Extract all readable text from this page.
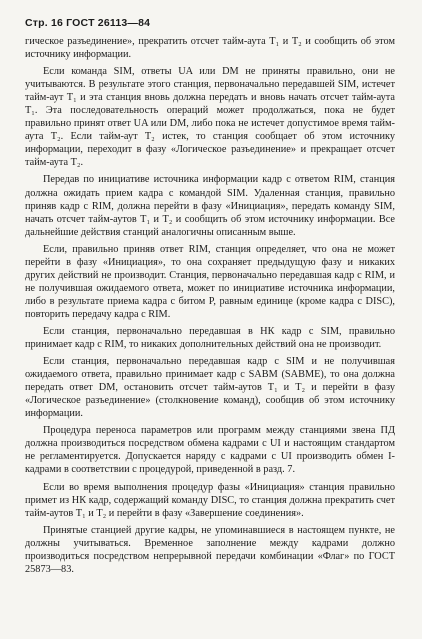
Стр. 16 ГОСТ 26113—84

гическое разъединение», прекратить отсчет тайм-аута T₁ и T₂ и сообщить об этом источнику информации.

Если команда SIM, ответы UA или DM не приняты правильно, они не учитываются. В результате этого станция, первоначально передавшей SIM, истечет тайм-аут T₁ и эта станция вновь должна передать и вновь начать отсчет тайм-аута T₁. Эта последовательность операций может продолжаться, пока не будет правильно принят ответ UA или DM, либо пока не истечет допустимое время тайм-аута T₂. Если тайм-аут T₂ истек, то станция сообщает об этом источнику информации, переходит в фазу «Логическое разъединение» и прекращает отсчет тайм-аута T₂.

Передав по инициативе источника информации кадр с ответом RIM, станция должна ожидать прием кадра с командой SIM. Удаленная станция, правильно приняв кадр с RIM, должна перейти в фазу «Инициация», передать команду SIM, начать отсчет тайм-аутов T₁ и T₂ и сообщить об этом источнику информации. Все дальнейшие действия станций аналогичны описанным выше.

Если, правильно приняв ответ RIM, станция определяет, что она не может перейти в фазу «Инициация», то она сохраняет предыдущую фазу и никаких других действий не производит. Станция, первоначально передавшая кадр с RIM, и не получившая ожидаемого ответа, может по инициативе источника информации, либо в результате приема кадра с битом P, равным единице (кроме кадра с DISC), повторить передачу кадра с RIM.

Если станция, первоначально передавшая в НК кадр с SIM, правильно принимает кадр с RIM, то никаких дополнительных действий она не производит.

Если станция, первоначально передавшая кадр с SIM и не получившая ожидаемого ответа, правильно принимает кадр с SABM (SABME), то она должна передать ответ DM, остановить отсчет тайм-аутов T₁ и T₂ и перейти в фазу «Логическое разъединение» (столкновение команд), сообщив об этом источнику информации.

Процедура переноса параметров или программ между станциями звена ПД должна производиться посредством обмена кадрами с UI и настоящим стандартом не регламентируется. Допускается наряду с кадрами с UI производить обмен I-кадрами в соответствии с процедурой, приведенной в разд. 7.

Если во время выполнения процедур фазы «Инициация» станция правильно примет из НК кадр, содержащий команду DISC, то станция должна прекратить счет тайм-аутов T₁ и T₂ и перейти в фазу «Завершение соединения».

Принятые станцией другие кадры, не упоминавшиеся в настоящем пункте, не должны учитываться. Временное заполнение между кадрами должно производиться посредством непрерывной передачи комбинации «Флаг» по ГОСТ 25873—83.
